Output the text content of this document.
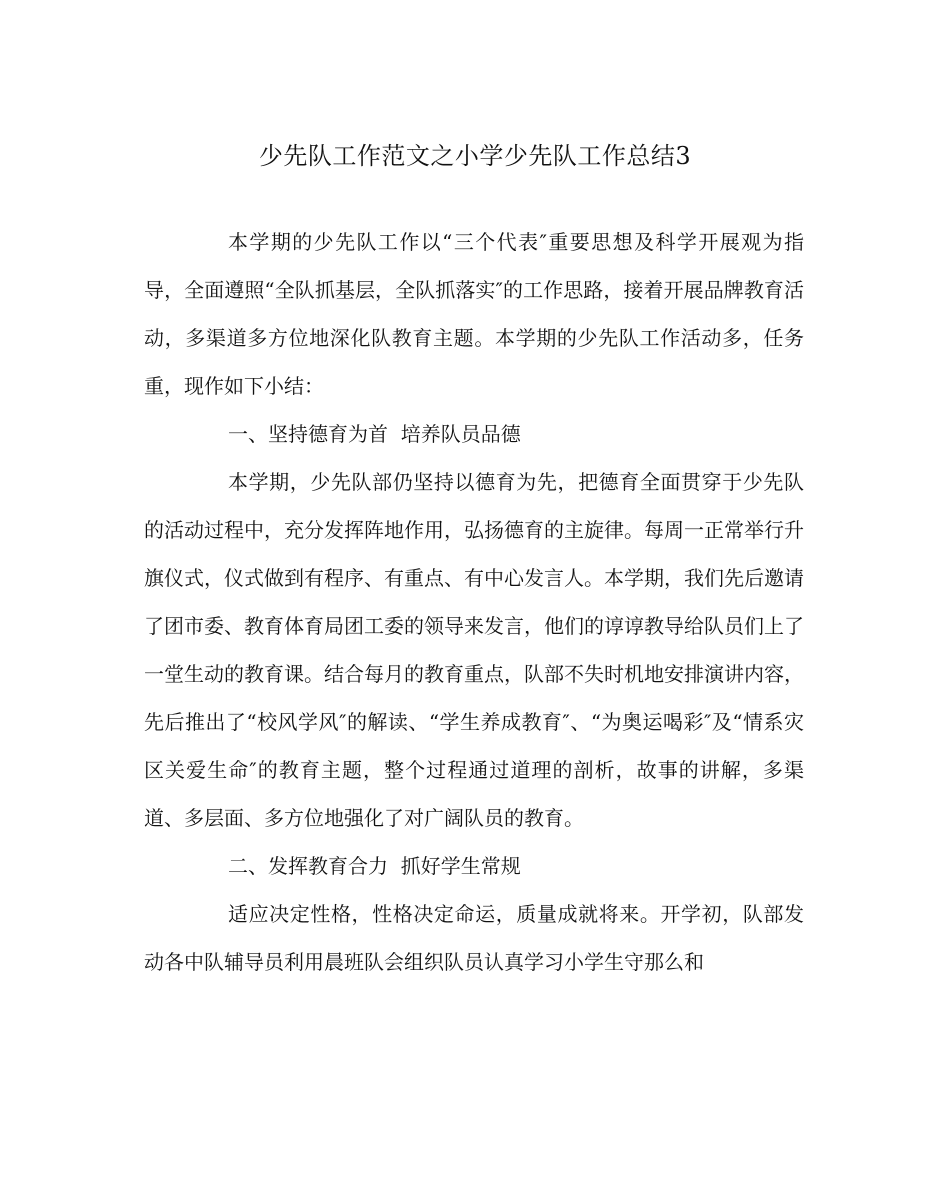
少先队工作范文之小学少先队工作总结3

本学期的少先队工作以“三个代表″重要思想及科学开展观为指导，全面遵照“全队抓基层，全队抓落实″的工作思路，接着开展品牌教育活动，多渠道多方位地深化队教育主题。本学期的少先队工作活动多，任务重，现作如下小结：

一、坚持德育为首  培养队员品德

本学期，少先队部仍坚持以德育为先，把德育全面贯穿于少先队的活动过程中，充分发挥阵地作用，弘扬德育的主旋律。每周一正常举行升旗仪式，仪式做到有程序、有重点、有中心发言人。本学期，我们先后邀请了团市委、教育体育局团工委的领导来发言，他们的谆谆教导给队员们上了一堂生动的教育课。结合每月的教育重点，队部不失时机地安排演讲内容，先后推出了“校风学风″的解读、“学生养成教育″、“为奥运喝彩″及“情系灾区关爱生命″的教育主题，整个过程通过道理的剖析，故事的讲解，多渠道、多层面、多方位地强化了对广阔队员的教育。

二、发挥教育合力  抓好学生常规

适应决定性格，性格决定命运，质量成就将来。开学初，队部发动各中队辅导员利用晨班队会组织队员认真学习小学生守那么和
